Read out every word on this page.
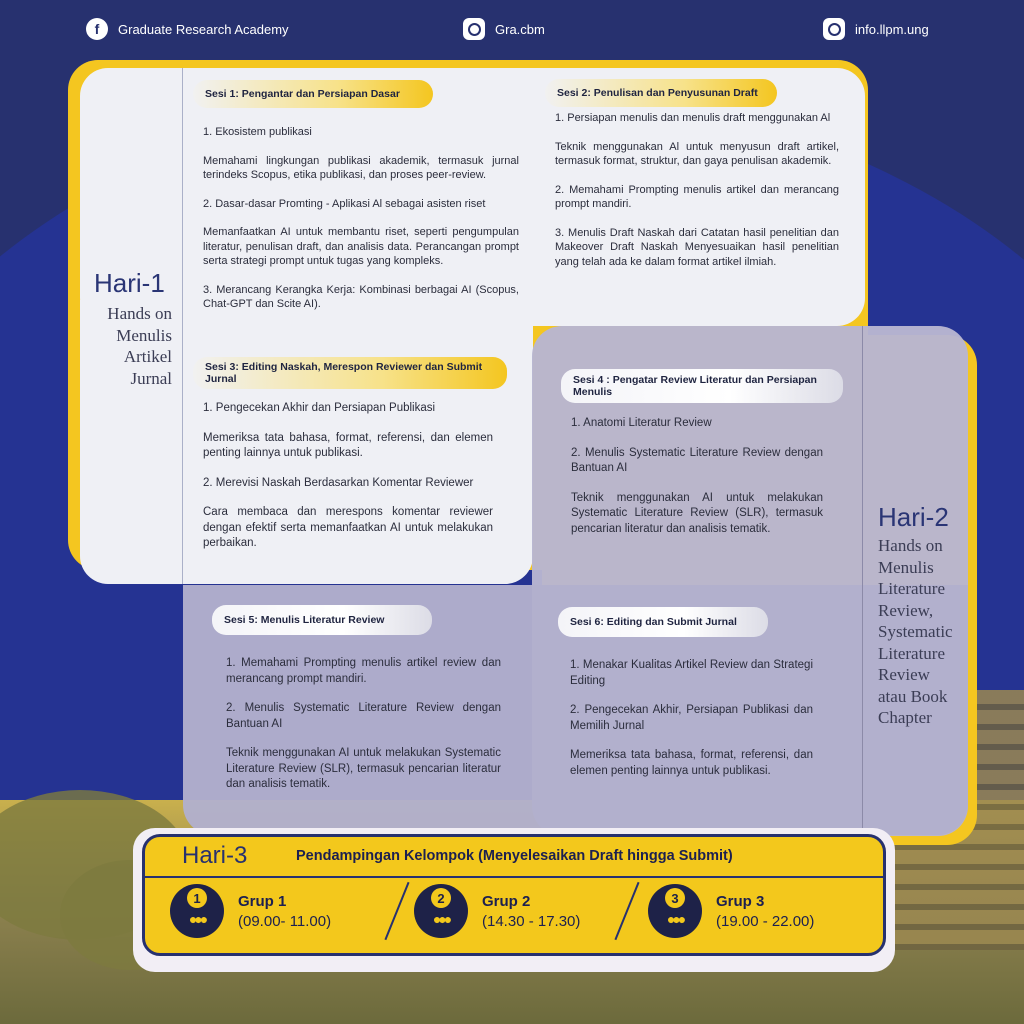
f	Graduate Research Academy	Gra.cbm	info.llpm.ung
Hari-1
Hands on
Menulis
Artikel
Jurnal
Sesi 1: Pengantar dan Persiapan Dasar

1. Ekosistem publikasi

Memahami lingkungan publikasi akademik, termasuk jurnal terindeks Scopus, etika publikasi, dan proses peer-review.

2. Dasar-dasar Promting - Aplikasi Al sebagai asisten riset

Memanfaatkan AI untuk membantu riset, seperti pengumpulan literatur, penulisan draft, dan analisis data. Perancangan prompt serta strategi prompt untuk tugas yang kompleks.

3. Merancang Kerangka Kerja: Kombinasi berbagai AI (Scopus, Chat-GPT dan Scite AI).

Sesi 2: Penulisan dan Penyusunan Draft

1. Persiapan menulis dan menulis draft menggunakan Al

Teknik menggunakan Al untuk menyusun draft artikel, termasuk format, struktur, dan gaya penulisan akademik.

2. Memahami Prompting menulis artikel dan merancang prompt mandiri.

3. Menulis Draft Naskah dari Catatan hasil penelitian dan Makeover Draft Naskah Menyesuaikan hasil penelitian yang telah ada ke dalam format artikel ilmiah.

Sesi 3: Editing Naskah, Merespon Reviewer dan Submit Jurnal

1. Pengecekan Akhir dan Persiapan Publikasi

Memeriksa tata bahasa, format, referensi, dan elemen penting lainnya untuk publikasi.

2. Merevisi Naskah Berdasarkan Komentar Reviewer

Cara membaca dan merespons komentar reviewer dengan efektif serta memanfaatkan AI untuk melakukan perbaikan.

Sesi 4 : Pengatar Review Literatur dan Persiapan Menulis

1. Anatomi Literatur Review

2. Menulis Systematic Literature Review dengan Bantuan AI

Teknik menggunakan AI untuk melakukan Systematic Literature Review (SLR), termasuk pencarian literatur dan analisis tematik.	Hari-2
Hands on
Menulis
Literature
Review,
Systematic
Literature
Review
atau Book
Chapter
Sesi 5: Menulis Literatur Review

1. Memahami Prompting menulis artikel review dan merancang prompt mandiri.

2. Menulis Systematic Literature Review dengan Bantuan AI

Teknik menggunakan AI untuk melakukan Systematic Literature Review (SLR), termasuk pencarian literatur dan analisis tematik.

Sesi 6: Editing dan Submit Jurnal

1. Menakar Kualitas Artikel Review dan Strategi Editing

2. Pengecekan Akhir, Persiapan Publikasi dan Memilih Jurnal

Memeriksa tata bahasa, format, referensi, dan elemen penting lainnya untuk publikasi.

Hari-3	Pendampingan Kelompok (Menyelesaikan Draft hingga Submit)
1
●●●
Grup 1
(09.00- 11.00)
2
●●●
Grup 2
(14.30 - 17.30)
3
●●●
Grup 3
(19.00 - 22.00)
